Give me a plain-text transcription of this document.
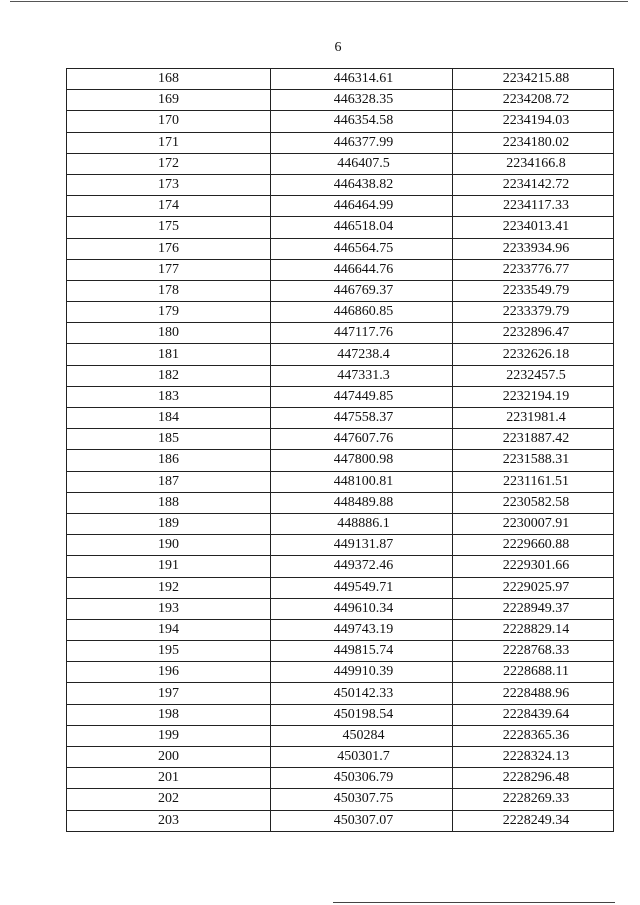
6
168	446314.61	2234215.88
169	446328.35	2234208.72
170	446354.58	2234194.03
171	446377.99	2234180.02
172	446407.5	2234166.8
173	446438.82	2234142.72
174	446464.99	2234117.33
175	446518.04	2234013.41
176	446564.75	2233934.96
177	446644.76	2233776.77
178	446769.37	2233549.79
179	446860.85	2233379.79
180	447117.76	2232896.47
181	447238.4	2232626.18
182	447331.3	2232457.5
183	447449.85	2232194.19
184	447558.37	2231981.4
185	447607.76	2231887.42
186	447800.98	2231588.31
187	448100.81	2231161.51
188	448489.88	2230582.58
189	448886.1	2230007.91
190	449131.87	2229660.88
191	449372.46	2229301.66
192	449549.71	2229025.97
193	449610.34	2228949.37
194	449743.19	2228829.14
195	449815.74	2228768.33
196	449910.39	2228688.11
197	450142.33	2228488.96
198	450198.54	2228439.64
199	450284	2228365.36
200	450301.7	2228324.13
201	450306.79	2228296.48
202	450307.75	2228269.33
203	450307.07	2228249.34
